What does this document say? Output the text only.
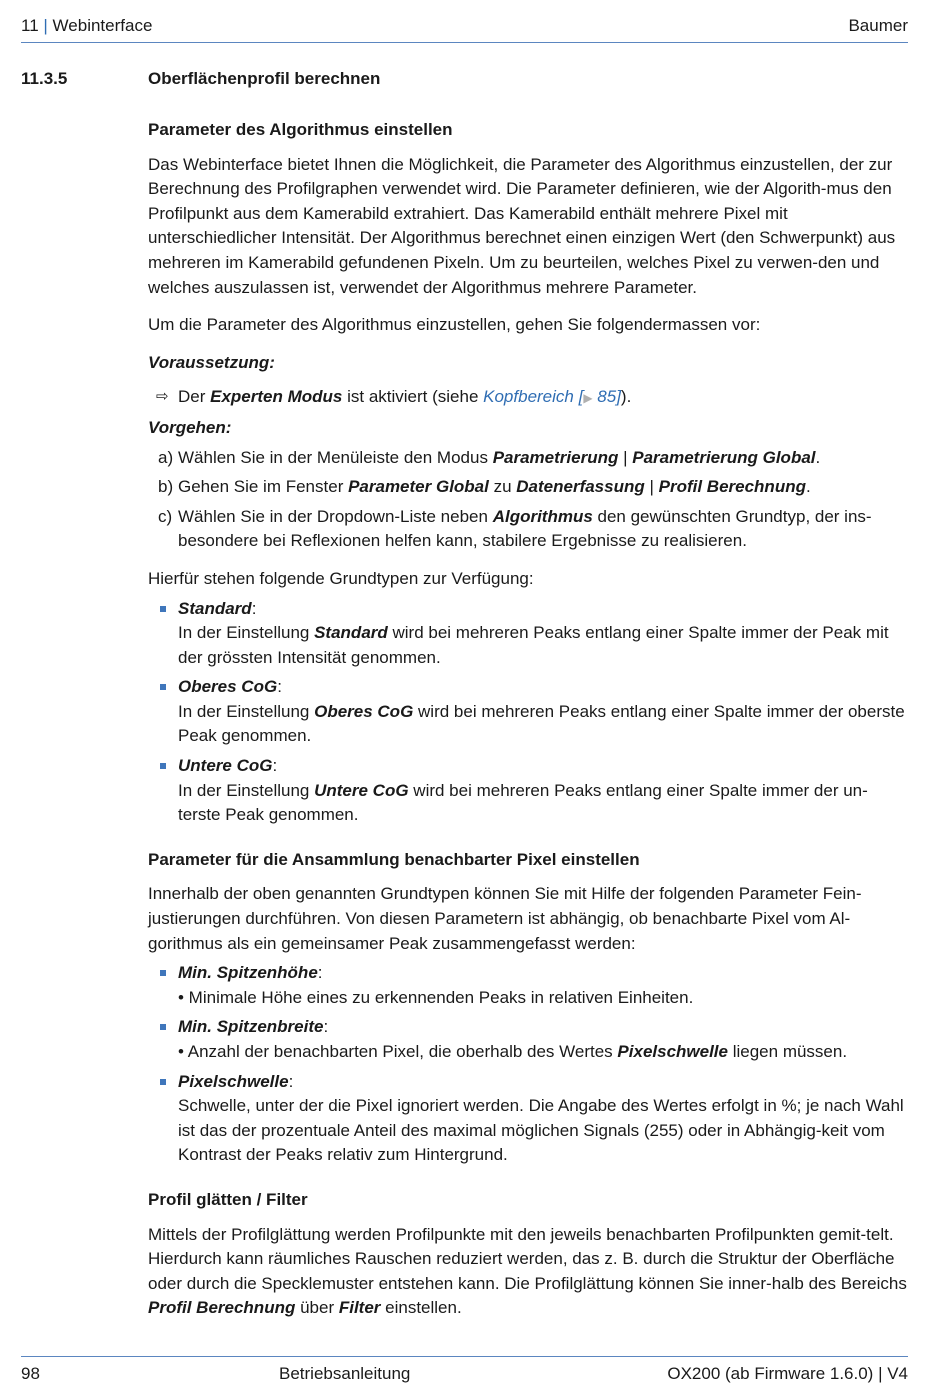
11 | Webinterface	Baumer
11.3.5	Oberflächenprofil berechnen

Parameter des Algorithmus einstellen

Das Webinterface bietet Ihnen die Möglichkeit, die Parameter des Algorithmus einzustellen, der zur Berechnung des Profilgraphen verwendet wird. Die Parameter definieren, wie der Algorith-mus den Profilpunkt aus dem Kamerabild extrahiert. Das Kamerabild enthält mehrere Pixel mit unterschiedlicher Intensität. Der Algorithmus berechnet einen einzigen Wert (den Schwerpunkt) aus mehreren im Kamerabild gefundenen Pixeln. Um zu beurteilen, welches Pixel zu verwen-den und welches auszulassen ist, verwendet der Algorithmus mehrere Parameter.

Um die Parameter des Algorithmus einzustellen, gehen Sie folgendermassen vor:

Voraussetzung:

⇨ Der Experten Modus ist aktiviert (siehe Kopfbereich [▶ 85]).

Vorgehen:

a) Wählen Sie in der Menüleiste den Modus Parametrierung | Parametrierung Global.
b) Gehen Sie im Fenster Parameter Global zu Datenerfassung | Profil Berechnung.
c) Wählen Sie in der Dropdown-Liste neben Algorithmus den gewünschten Grundtyp, der ins-besondere bei Reflexionen helfen kann, stabilere Ergebnisse zu realisieren.

Hierfür stehen folgende Grundtypen zur Verfügung:

Standard:
In der Einstellung Standard wird bei mehreren Peaks entlang einer Spalte immer der Peak mit der grössten Intensität genommen.
Oberes CoG:
In der Einstellung Oberes CoG wird bei mehreren Peaks entlang einer Spalte immer der oberste Peak genommen.
Untere CoG:
In der Einstellung Untere CoG wird bei mehreren Peaks entlang einer Spalte immer der un-terste Peak genommen.

Parameter für die Ansammlung benachbarter Pixel einstellen

Innerhalb der oben genannten Grundtypen können Sie mit Hilfe der folgenden Parameter Fein-justierungen durchführen. Von diesen Parametern ist abhängig, ob benachbarte Pixel vom Al-gorithmus als ein gemeinsamer Peak zusammengefasst werden:

Min. Spitzenhöhe:
• Minimale Höhe eines zu erkennenden Peaks in relativen Einheiten.
Min. Spitzenbreite:
• Anzahl der benachbarten Pixel, die oberhalb des Wertes Pixelschwelle liegen müssen.
Pixelschwelle:
Schwelle, unter der die Pixel ignoriert werden. Die Angabe des Wertes erfolgt in %; je nach Wahl ist das der prozentuale Anteil des maximal möglichen Signals (255) oder in Abhängig-keit vom Kontrast der Peaks relativ zum Hintergrund.

Profil glätten / Filter

Mittels der Profilglättung werden Profilpunkte mit den jeweils benachbarten Profilpunkten gemit-telt. Hierdurch kann räumliches Rauschen reduziert werden, das z. B. durch die Struktur der Oberfläche oder durch die Specklemuster entstehen kann. Die Profilglättung können Sie inner-halb des Bereichs Profil Berechnung über Filter einstellen.

98	Betriebsanleitung	OX200 (ab Firmware 1.6.0) | V4
